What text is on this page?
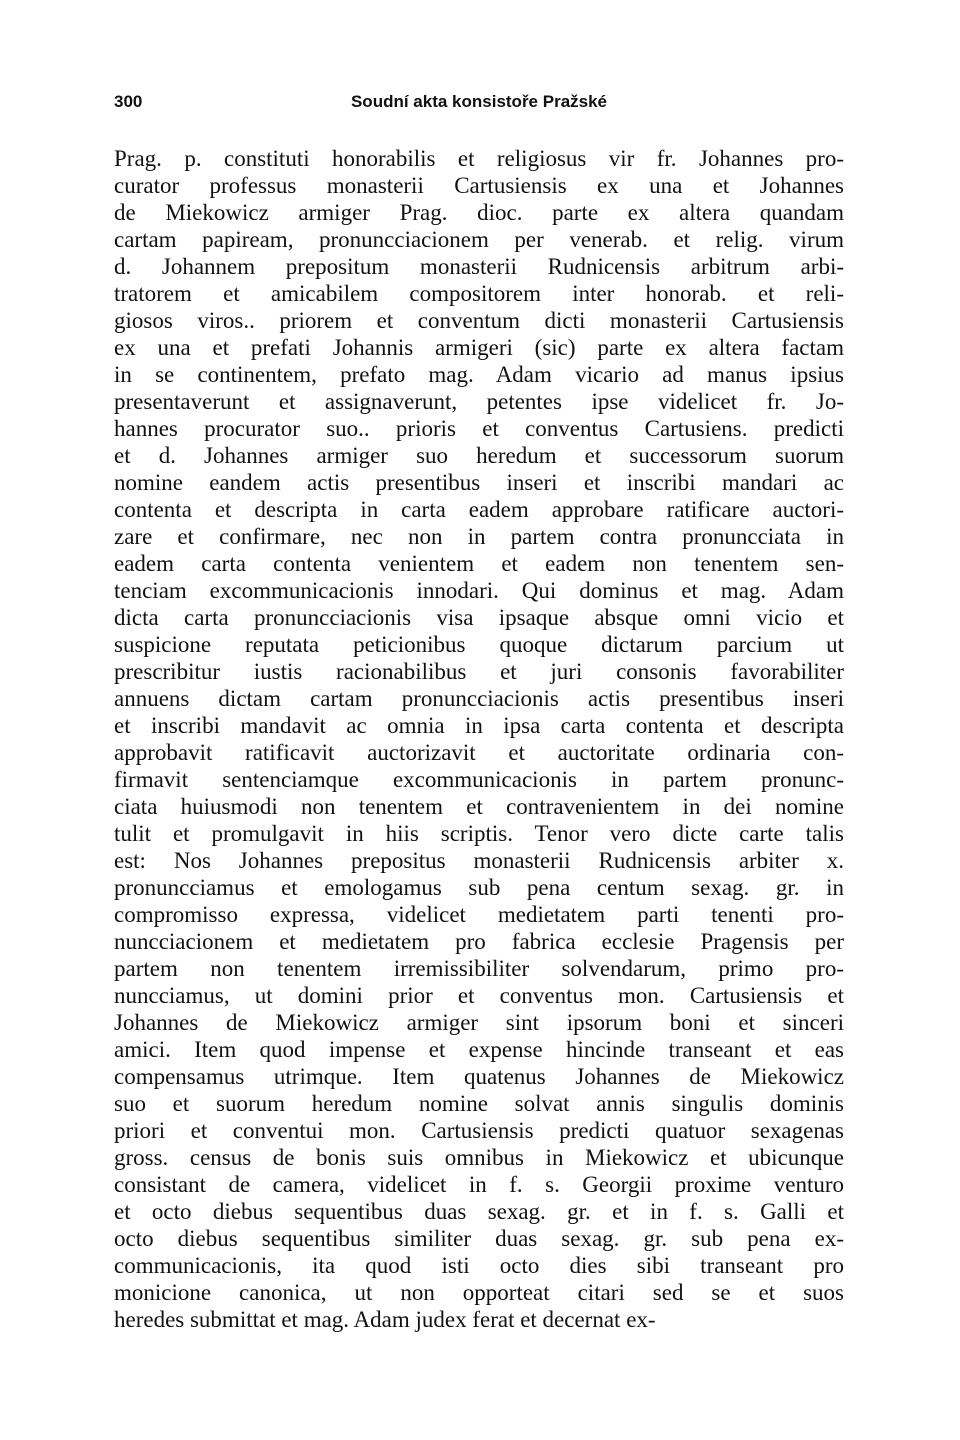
300	Soudní akta konsistoře Pražské
Prag. p. constituti honorabilis et religiosus vir fr. Johannes pro-
curator professus monasterii Cartusiensis ex una et Johannes
de Miekowicz armiger Prag. dioc. parte ex altera quandam
cartam papiream, pronuncciacionem per venerab. et relig. virum
d. Johannem prepositum monasterii Rudnicensis arbitrum arbi-
tratorem et amicabilem compositorem inter honorab. et reli-
giosos viros.. priorem et conventum dicti monasterii Cartusiensis
ex una et prefati Johannis armigeri (sic) parte ex altera factam
in se continentem, prefato mag. Adam vicario ad manus ipsius
presentaverunt et assignaverunt, petentes ipse videlicet fr. Jo-
hannes procurator suo.. prioris et conventus Cartusiens. predicti
et d. Johannes armiger suo heredum et successorum suorum
nomine eandem actis presentibus inseri et inscribi mandari ac
contenta et descripta in carta eadem approbare ratificare auctori-
zare et confirmare, nec non in partem contra pronuncciata in
eadem carta contenta venientem et eadem non tenentem sen-
tenciam excommunicacionis innodari. Qui dominus et mag. Adam
dicta carta pronuncciacionis visa ipsaque absque omni vicio et
suspicione reputata peticionibus quoque dictarum parcium ut
prescribitur iustis racionabilibus et juri consonis favorabiliter
annuens dictam cartam pronuncciacionis actis presentibus inseri
et inscribi mandavit ac omnia in ipsa carta contenta et descripta
approbavit ratificavit auctorizavit et auctoritate ordinaria con-
firmavit sentenciamque excommunicacionis in partem pronunc-
ciata huiusmodi non tenentem et contravenientem in dei nomine
tulit et promulgavit in hiis scriptis. Tenor vero dicte carte talis
est: Nos Johannes prepositus monasterii Rudnicensis arbiter x.
pronuncciamus et emologamus sub pena centum sexag. gr. in
compromisso expressa, videlicet medietatem parti tenenti pro-
nuncciacionem et medietatem pro fabrica ecclesie Pragensis per
partem non tenentem irremissibiliter solvendarum, primo pro-
nuncciamus, ut domini prior et conventus mon. Cartusiensis et
Johannes de Miekowicz armiger sint ipsorum boni et sinceri
amici. Item quod impense et expense hincinde transeant et eas
compensamus utrimque. Item quatenus Johannes de Miekowicz
suo et suorum heredum nomine solvat annis singulis dominis
priori et conventui mon. Cartusiensis predicti quatuor sexagenas
gross. census de bonis suis omnibus in Miekowicz et ubicunque
consistant de camera, videlicet in f. s. Georgii proxime venturo
et octo diebus sequentibus duas sexag. gr. et in f. s. Galli et
octo diebus sequentibus similiter duas sexag. gr. sub pena ex-
communicacionis, ita quod isti octo dies sibi transeant pro
monicione canonica, ut non opporteat citari sed se et suos
heredes submittat et mag. Adam judex ferat et decernat ex-
